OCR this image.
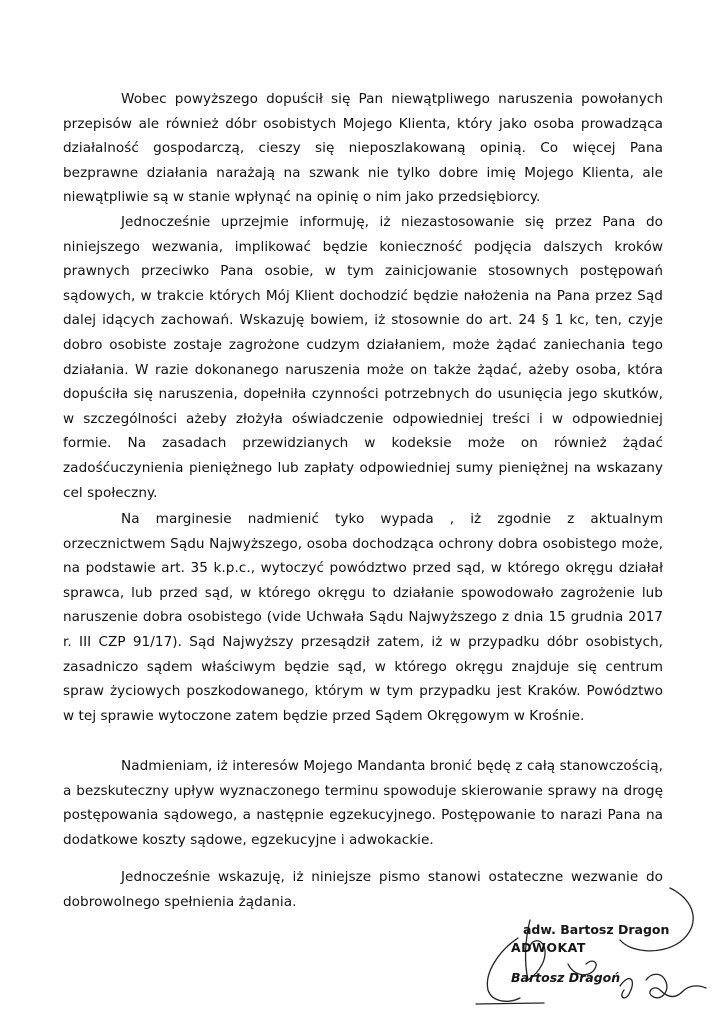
Wobec powyższego dopuścił się Pan niewątpliwego naruszenia powołanych przepisów ale również dóbr osobistych Mojego Klienta, który jako osoba prowadząca działalność gospodarczą, cieszy się nieposzlakowaną opinią. Co więcej Pana bezprawne działania narażają na szwank nie tylko dobre imię Mojego Klienta, ale niewątpliwie są w stanie wpłynąć na opinię o nim jako przedsiębiorcy.

Jednocześnie uprzejmie informuję, iż niezastosowanie się przez Pana do niniejszego wezwania, implikować będzie konieczność podjęcia dalszych kroków prawnych przeciwko Pana osobie, w tym zainicjowanie stosownych postępowań sądowych, w trakcie których Mój Klient dochodzić będzie nałożenia na Pana przez Sąd dalej idących zachowań. Wskazuję bowiem, iż stosownie do art. 24 § 1 kc, ten, czyje dobro osobiste zostaje zagrożone cudzym działaniem, może żądać zaniechania tego działania. W razie dokonanego naruszenia może on także żądać, ażeby osoba, która dopuściła się naruszenia, dopełniła czynności potrzebnych do usunięcia jego skutków, w szczególności ażeby złożyła oświadczenie odpowiedniej treści i w odpowiedniej formie. Na zasadach przewidzianych w kodeksie może on również żądać zadośćuczynienia pieniężnego lub zapłaty odpowiedniej sumy pieniężnej na wskazany cel społeczny.

Na marginesie nadmienić tyko wypada , iż zgodnie z aktualnym orzecznictwem Sądu Najwyższego, osoba dochodząca ochrony dobra osobistego może, na podstawie art. 35 k.p.c., wytoczyć powództwo przed sąd, w którego okręgu działał sprawca, lub przed sąd, w którego okręgu to działanie spowodowało zagrożenie lub naruszenie dobra osobistego (vide Uchwała Sądu Najwyższego z dnia 15 grudnia 2017 r. III CZP 91/17). Sąd Najwyższy przesądził zatem, iż w przypadku dóbr osobistych, zasadniczo sądem właściwym będzie sąd, w którego okręgu znajduje się centrum spraw życiowych poszkodowanego, którym w tym przypadku jest Kraków. Powództwo w tej sprawie wytoczone zatem będzie przed Sądem Okręgowym w Krośnie.

Nadmieniam, iż interesów Mojego Mandanta bronić będę z całą stanowczością, a bezskuteczny upływ wyznaczonego terminu spowoduje skierowanie sprawy na drogę postępowania sądowego, a następnie egzekucyjnego. Postępowanie to narazi Pana na dodatkowe koszty sądowe, egzekucyjne i adwokackie.

Jednocześnie wskazuję, iż niniejsze pismo stanowi ostateczne wezwanie do dobrowolnego spełnienia żądania.

adw. Bartosz Dragon
ADWOKAT
Bartosz Dragoń
